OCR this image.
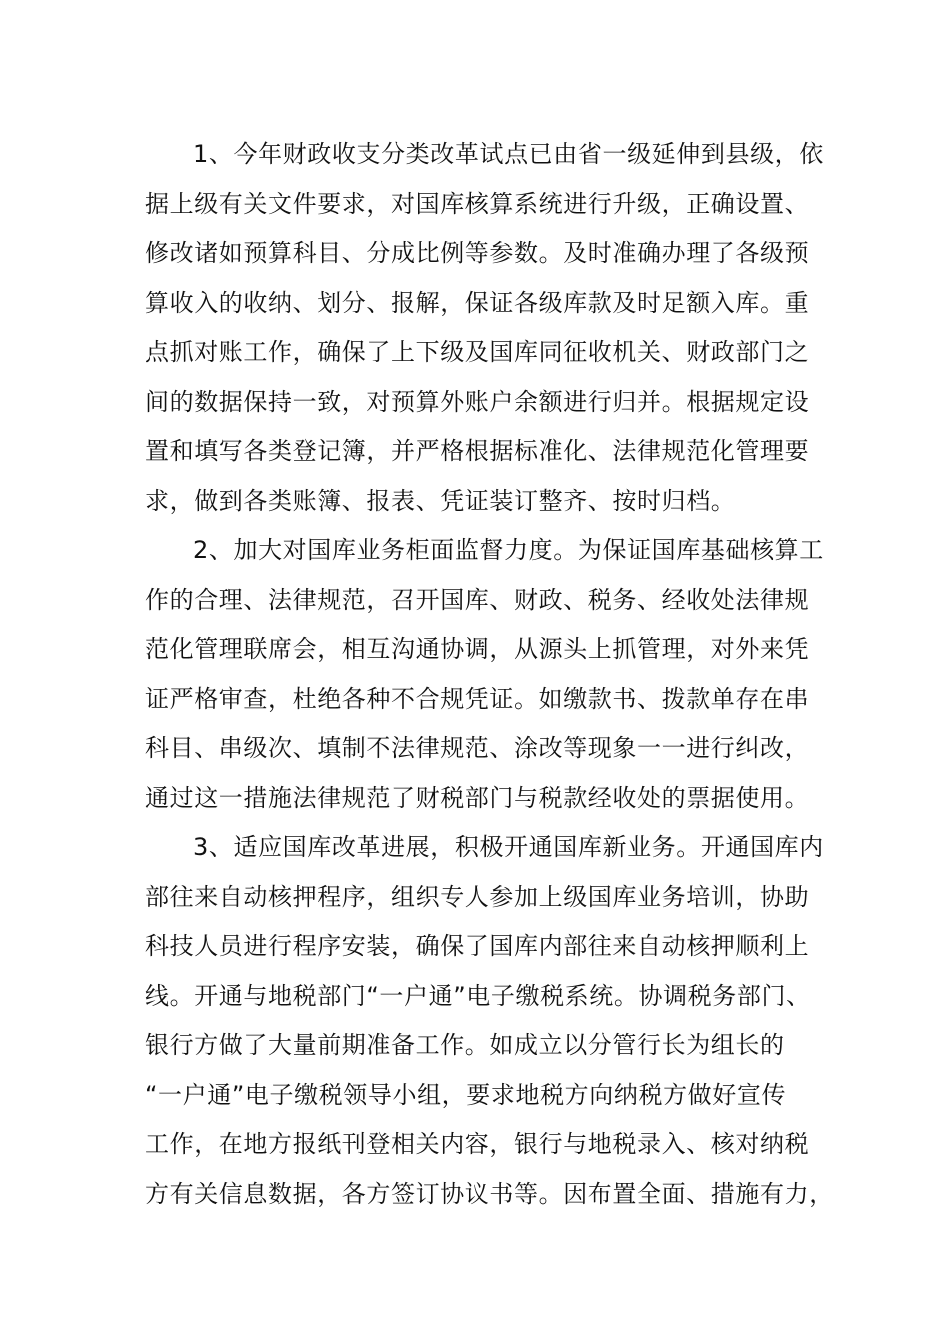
1、今年财政收支分类改革试点已由省一级延伸到县级，依
据上级有关文件要求，对国库核算系统进行升级，正确设置、
修改诸如预算科目、分成比例等参数。及时准确办理了各级预
算收入的收纳、划分、报解，保证各级库款及时足额入库。重
点抓对账工作，确保了上下级及国库同征收机关、财政部门之
间的数据保持一致，对预算外账户余额进行归并。根据规定设
置和填写各类登记簿，并严格根据标准化、法律规范化管理要
求，做到各类账簿、报表、凭证装订整齐、按时归档。
2、加大对国库业务柜面监督力度。为保证国库基础核算工
作的合理、法律规范，召开国库、财政、税务、经收处法律规
范化管理联席会，相互沟通协调，从源头上抓管理，对外来凭
证严格审查，杜绝各种不合规凭证。如缴款书、拨款单存在串
科目、串级次、填制不法律规范、涂改等现象一一进行纠改，
通过这一措施法律规范了财税部门与税款经收处的票据使用。
3、适应国库改革进展，积极开通国库新业务。开通国库内
部往来自动核押程序，组织专人参加上级国库业务培训，协助
科技人员进行程序安装，确保了国库内部往来自动核押顺利上
线。开通与地税部门“一户通”电子缴税系统。协调税务部门、
银行方做了大量前期准备工作。如成立以分管行长为组长的
“一户通”电子缴税领导小组，要求地税方向纳税方做好宣传
工作，在地方报纸刊登相关内容，银行与地税录入、核对纳税
方有关信息数据，各方签订协议书等。因布置全面、措施有力，
